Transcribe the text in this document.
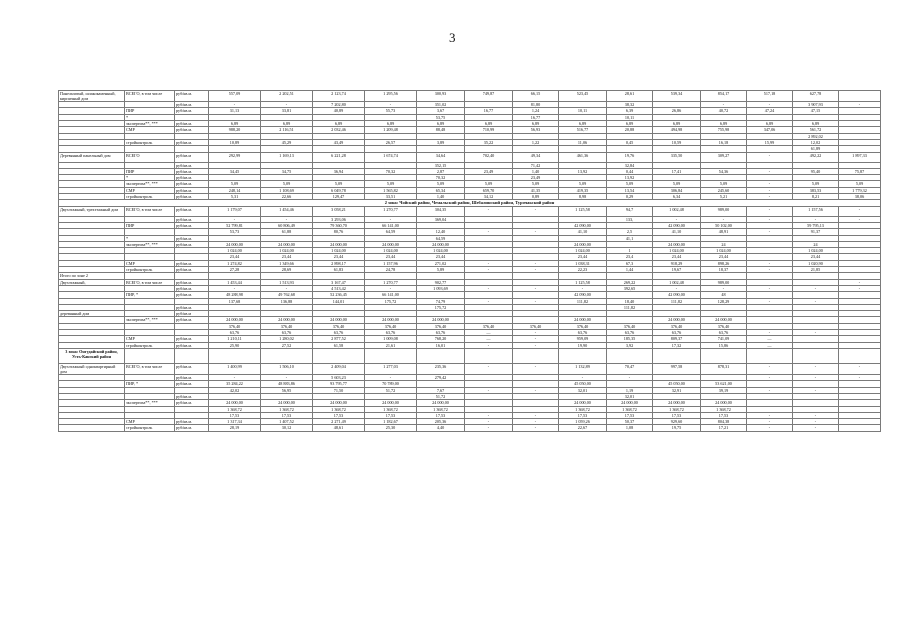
3
Панельчатый, шлакокаменный, кирпичный дом	ВСЕГО, в том числе	руб/кв.м.	557,09	2 202,51	2 123,74	1 295,56	300,93	749,87	66,15	523,45	28,61	539,34	854,17	517,18	627,78	
		руб/кв.м.	-	-	7 202,80	-	351,02		81,80		38,32		-	-	3 907,93	-
	ПИР	руб/кв.м.	31,13	33,81	40,89	55,73	3,67	16,77	1,24	10,11	6,39	26,86	40,72	47,24	47,15	
	*						53,75		16,77		10,11					
	экспертиза**, ***	руб/кв.м.	6,89	6,89	6,89	6,89	6,89	6,89	6,89	6,89	6,89	6,89	6,89	6,89	6,89	
	СМР	руб/кв.м.	988,20	2 116,51	2 032,46	1 209,48	88,48	710,99	56,93	516,77	20,88	494,98	755,98	347,06	561,72	
															2 892,02	
	стройконтроль	руб/кв.м.	10,89	45,29	43,49	26,57	3,89	35,22	1,22	11,06	0,45	10,59	16,18	15,99	12,02	
															61,89	
Деревянный панельный дом	ВСЕГО	руб/кв.м	292,99	1 169,13	6 221,28	1 674,74	34,64	702,40	49,34	461,36	19,76	335,50	309,27	-	492,22	1 897,33
		руб/кв.м.					352,15		71,42		32,84					
	ПИР	руб/кв.м.	34,45	34,75	36,94	70,32	2,87	23,49	1,40	13,92	0,44	17,41	54,36	-	95,40	75,87
	*	руб/кв.м.					70,32		23,49		13,92					
	экспертиза**, ***	руб/кв.м.	5,09	5,09	5,09	5,09	5,09	5,09	5,09	5,09	5,09	5,09	5,09	-	5,09	5,09
	СМР	руб/кв.м.	248,14	1 108,69	6 049,78	1 565,82	65,34	659,70	41,35	419,35	13,54	306,84	245,60	-	383,53	1 779,32
	стройконтроль	руб/кв.м.	5,31	22,66	129,47	33,51	1,40	34,12	0,89	8,98	0,29	6,34	5,21	-	8,21	38,06
2 зона: Чойский район, Чемальский район, Шебалинский район, Турочакский район																
Двухэтажный, трехэтажный дом	ВСЕГО, в том числе	руб/кв.м.	1 179,07	1 454,46	3 058,21	1 270,77	304,35	-	-	1 125,58	94,7	1 002,48	989,00	-	1 157,56	-
		руб/кв.м.	-	-	3 293,06	-	369,04				133,	-	-	-	-	-
	ПИР	руб/кв.м.	52 799,81	60 806,49	79 360,70	66 141,00				42 090,00		42 090,00	50 102,00		59 795,13	
			53,73	61,88	80,76	64,59	12,40	-	-	41,10	2,5	41,10	48,91	-	91,37	
	*	руб/кв.м.					64,59				41,1					
	экспертиза**, ***	руб/кв.м.	24 000,00	24 000,00	24 000,00	24 000,00	24 000,00			24 000,00		24 000,00	24		24	
			1 024,00	1 024,00	1 024,00	1 024,00	1 024,00			1 024,00	1	1 024,00	1 024,00		1 024,00	
			23,44	23,44	23,44	23,44	23,44			23,44	23,4	23,44	23,44		23,44	
	СМР	руб/кв.м.	1 274,82	1 349,66	2 898,17	1 157,96	271,02	-	-	1 038,31	67,3	918,29	898,26	-	1 020,90	
	стройконтроль	руб/кв.м.	27,28	28,69	61,83	24,78	5,89	-	-	22,23	1,44	19,67	18,37	-	21,85	
Итого по зоне 2																
Двухэтажный,	ВСЕГО, в том числе	руб/кв.м.	1 453,44	1 513,93	3 167,47	1 270,77	902,77			1 125,58	269,22	1 002,48	989,00			-
		руб/кв.м.	-	-	4 513,42	-	1 093,69	-	-	-	392,65	-	-	-	-	-
	ПИР, *	руб/кв.м.	48 288,98	49 762,68	52 236,45	66 141,00				42 090,00		42 090,00	48			
			137,68	136,88	144,01	175,72	74,79	-	-	111,82	18,40	111,82	128,29	-	-	
		руб/кв.м.					175,72				111,82					
деревянный дом		руб/кв.м														
	экспертиза**, ***	руб/кв.м.	24 000,00	24 000,00	24 000,00	24 000,00	24 000,00			24 000,00		24 000,00	24 000,00			
			376,40	376,40	376,40	376,40	376,40	376,40	376,40	376,40	376,40	376,40	376,40			
			63,76	63,76	63,76	63,76	63,76	—	-	63,76	63,76	63,76	63,76	-	-	
	СМР	руб/кв.м.	1 210,11	1 280,02	2 877,52	1 009,08	768,20	—	-	959,09	185,35	809,37	741,09	—		
	стройконтроль	руб/кв.м.	25,90	27,52	61,58	21,61	16,01	-	-	19,90	3,92	17,32	15,86	—		
3 зона: Онгудайский район, Усть-Канский район																
Двухэтажный одноквартирный дом	ВСЕГО, в том числе	руб/кв.м.	1 400,99	1 506,10	2 409,04	1 277,03	235,36	-	-	1 132,89	70,47	997,58	878,31	-	-	-
		руб/кв.м.	-	-	5 603,23	-	279,42			-	-			-	-	-
	ПИР, *	руб/кв.м.	35 284,22	48 883,86	93 795,77	70 789,00				45 050,00		45 050,00	53 621,00			
			42,02	56,95	71,50	51,72	7,67	-	-	32,01	1,19	32,91	39,19	-	-	
		руб/кв.м.					51,72				32,01					
	экспертиза**, ***	руб/кв.м.	24 000,00	24 000,00	24 000,00	24 000,00	24 000,00			24 000,00	24 000,00	24 000,00	24 000,00			
			1 368,72	1 368,72	1 368,72	1 368,72	1 368,72			1 368,72	1 368,72	1 368,72	1 368,72			
			17,53	17,53	17,53	17,53	17,53	-	-	17,53	17,53	17,53	17,53	-	-	
	СМР	руб/кв.м.	1 317,34	1 407,52	2 271,49	1 182,67	205,36	-	-	1 059,26	50,37	929,60	804,38	-	-	
	стройконтроль	руб/кв.м.	28,19	30,12	48,61	25,30	4,40	-	-	22,67	1,08	19,75	17,21	-	-	
